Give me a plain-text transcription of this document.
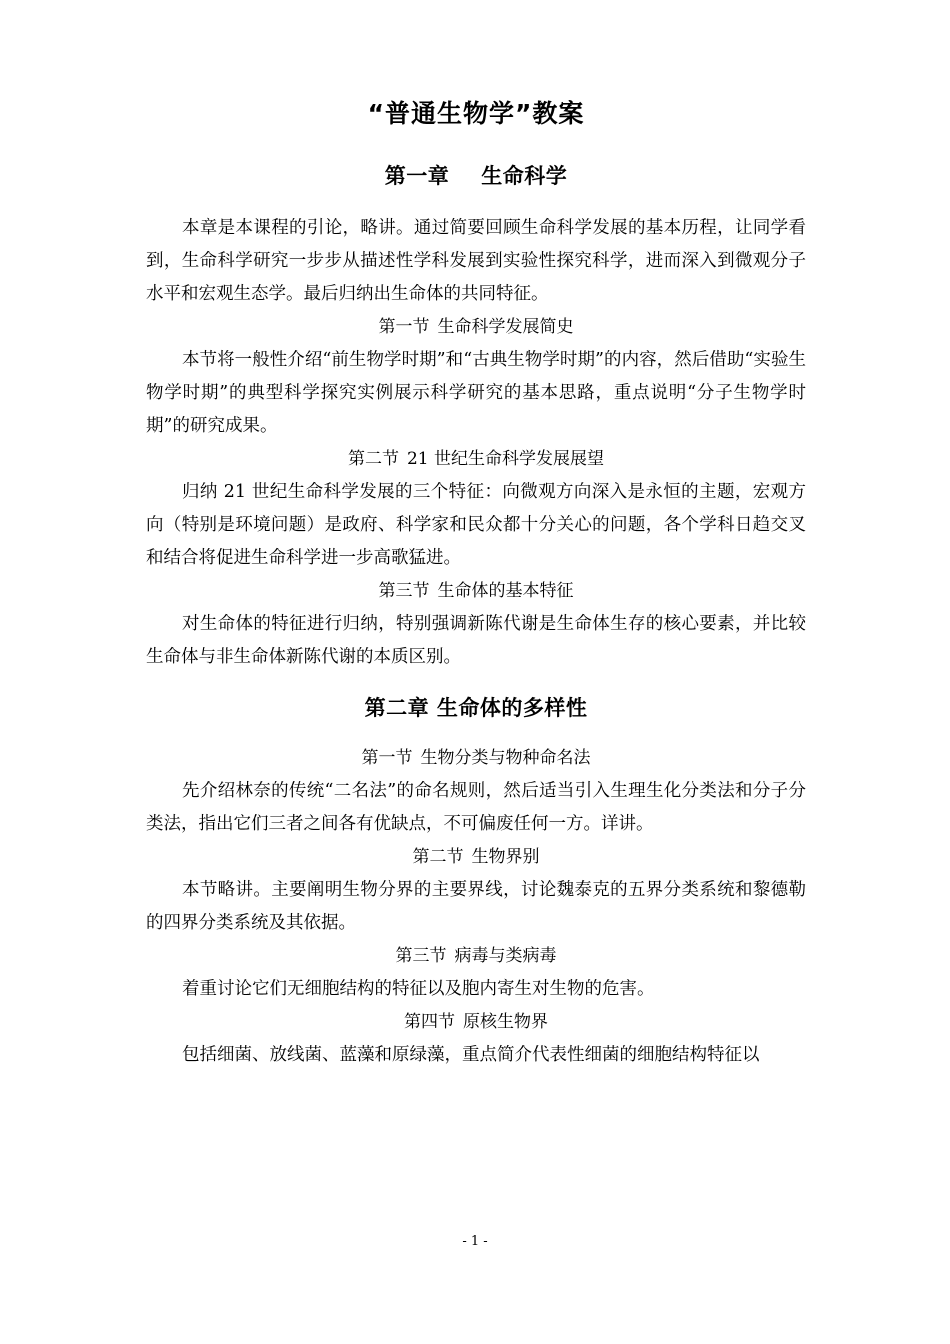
“普通生物学”教案
第一章 生命科学

本章是本课程的引论，略讲。通过简要回顾生命科学发展的基本历程，让同学看到，生命科学研究一步步从描述性学科发展到实验性探究科学，进而深入到微观分子水平和宏观生态学。最后归纳出生命体的共同特征。

第一节 生命科学发展简史

本节将一般性介绍“前生物学时期”和“古典生物学时期”的内容，然后借助“实验生物学时期”的典型科学探究实例展示科学研究的基本思路，重点说明“分子生物学时期”的研究成果。

第二节 21 世纪生命科学发展展望

归纳 21 世纪生命科学发展的三个特征：向微观方向深入是永恒的主题，宏观方向（特别是环境问题）是政府、科学家和民众都十分关心的问题，各个学科日趋交叉和结合将促进生命科学进一步高歌猛进。

第三节 生命体的基本特征

对生命体的特征进行归纳，特别强调新陈代谢是生命体生存的核心要素，并比较生命体与非生命体新陈代谢的本质区别。

第二章 生命体的多样性
第一节 生物分类与物种命名法

先介绍林奈的传统“二名法”的命名规则，然后适当引入生理生化分类法和分子分类法，指出它们三者之间各有优缺点，不可偏废任何一方。详讲。

第二节 生物界别

本节略讲。主要阐明生物分界的主要界线，讨论魏泰克的五界分类系统和黎德勒的四界分类系统及其依据。

第三节 病毒与类病毒

着重讨论它们无细胞结构的特征以及胞内寄生对生物的危害。

第四节 原核生物界

包括细菌、放线菌、蓝藻和原绿藻，重点简介代表性细菌的细胞结构特征以

- 1 -
